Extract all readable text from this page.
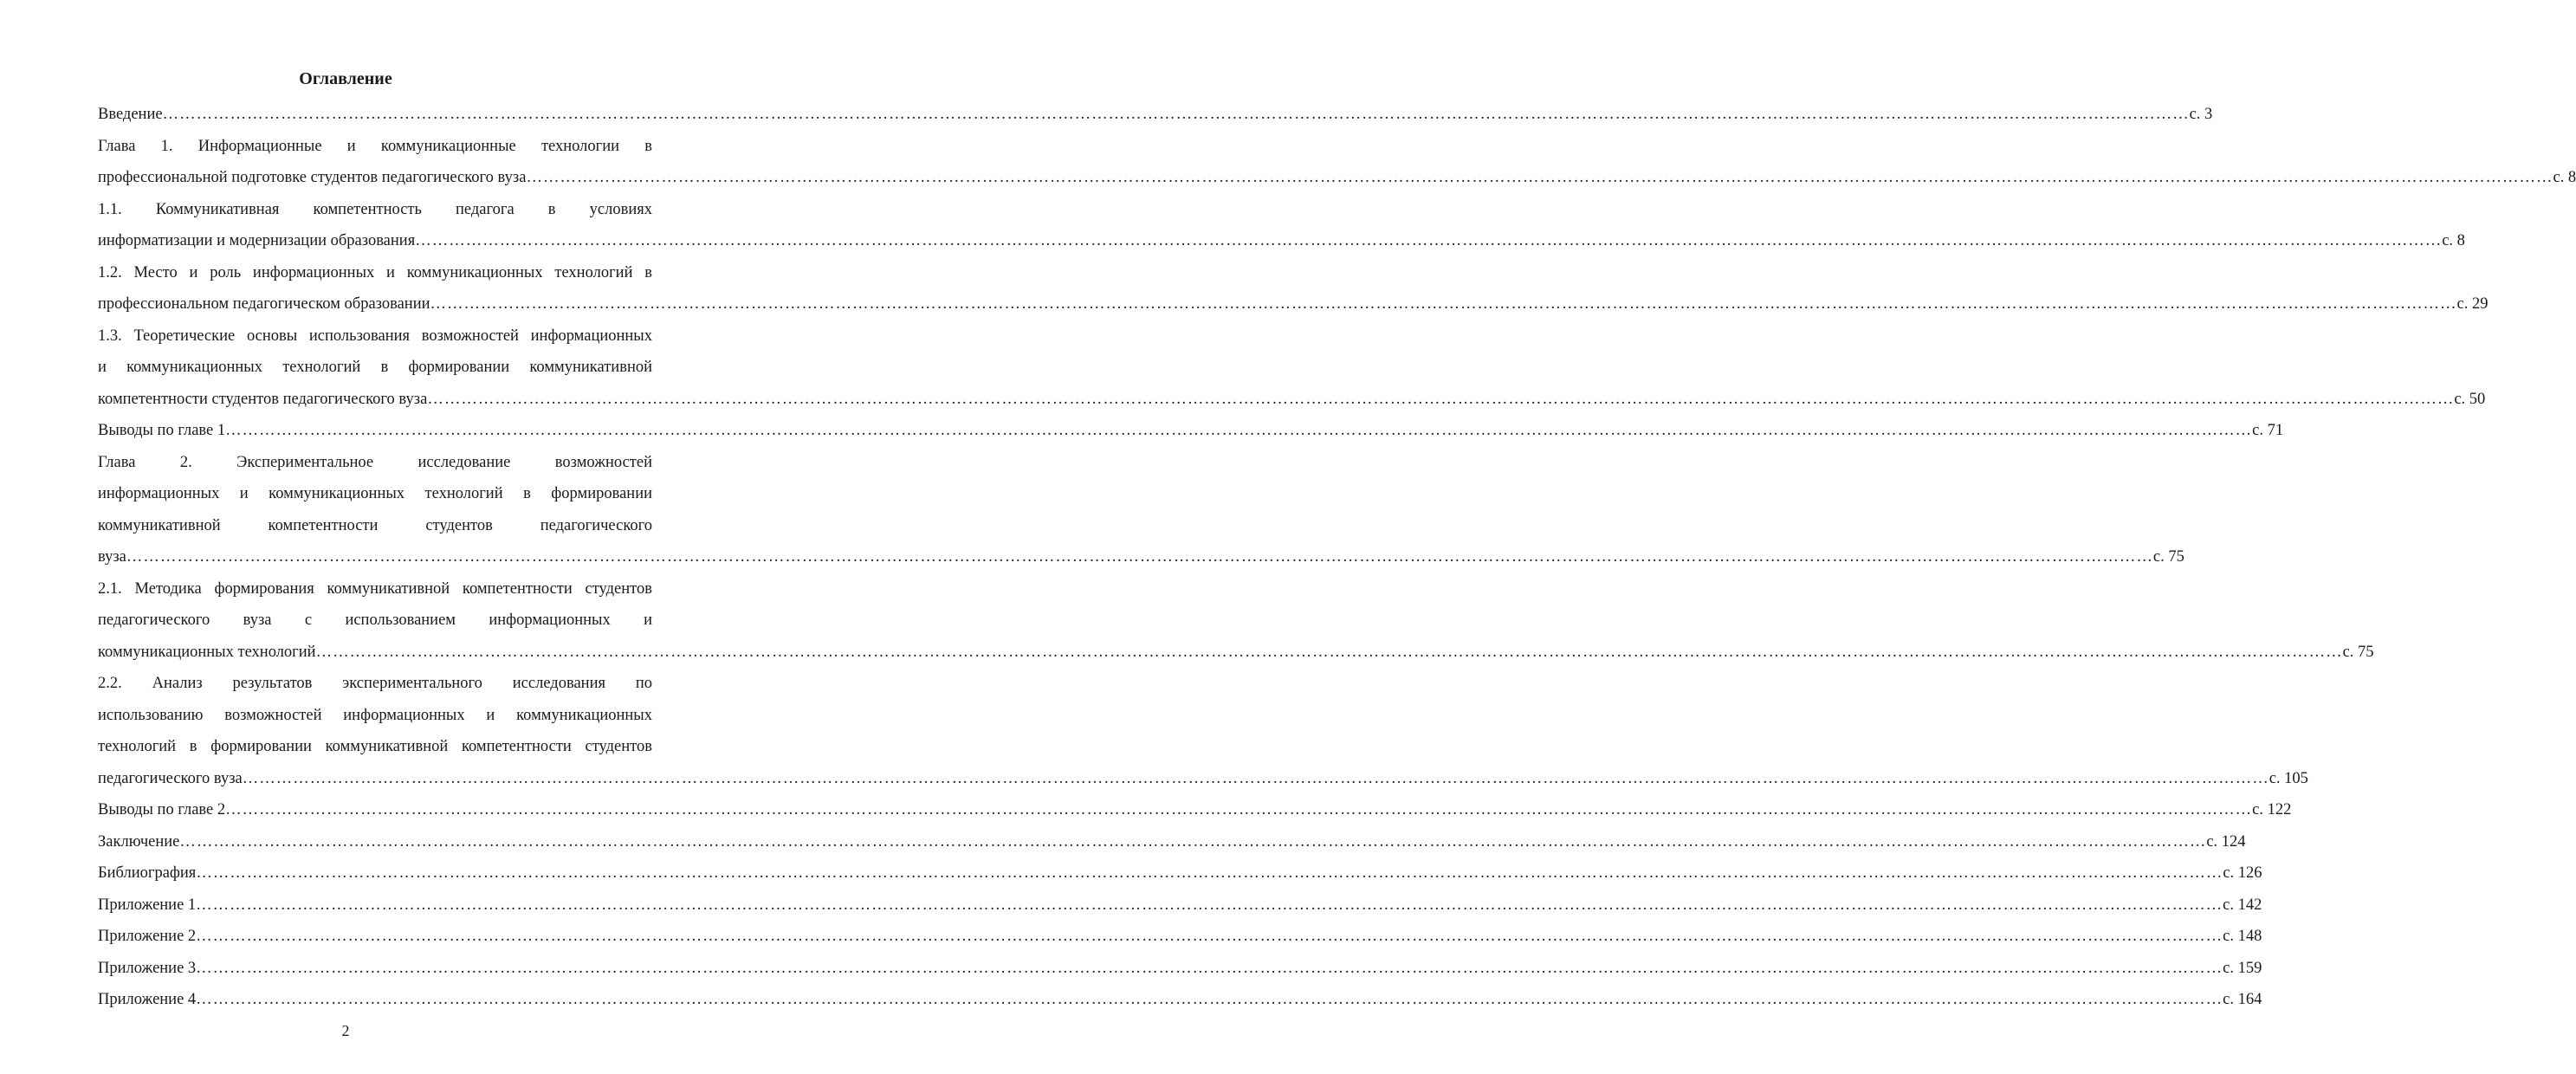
Оглавление
Введение ……………………………………………………………………………………………………………………………………………………………………………………………………………………………………………………………………………………………………………………………… с. 3
Глава 1. Информационные и коммуникационные технологии в
профессиональной подготовке студентов педагогического вуза ……………………………………………………………………………………………………………………………………………………………………………………………………………………………………………………………………………………………………………………………… с. 8
1.1. Коммуникативная компетентность педагога в условиях
информатизации и модернизации образования ……………………………………………………………………………………………………………………………………………………………………………………………………………………………………………………………………………………………………………………………… с. 8
1.2. Место и роль информационных и коммуникационных технологий в
профессиональном педагогическом образовании ……………………………………………………………………………………………………………………………………………………………………………………………………………………………………………………………………………………………………………………………… с. 29
1.3. Теоретические основы использования возможностей информационных
и коммуникационных технологий в формировании коммуникативной
компетентности студентов педагогического вуза ……………………………………………………………………………………………………………………………………………………………………………………………………………………………………………………………………………………………………………………………… с. 50
Выводы по главе 1 ……………………………………………………………………………………………………………………………………………………………………………………………………………………………………………………………………………………………………………………………… с. 71
Глава 2. Экспериментальное исследование возможностей
информационных и коммуникационных технологий в формировании
коммуникативной компетентности студентов педагогического
вуза ……………………………………………………………………………………………………………………………………………………………………………………………………………………………………………………………………………………………………………………………… с. 75
2.1. Методика формирования коммуникативной компетентности студентов
педагогического вуза с использованием информационных и
коммуникационных технологий ……………………………………………………………………………………………………………………………………………………………………………………………………………………………………………………………………………………………………………………………… с. 75
2.2. Анализ результатов экспериментального исследования по
использованию возможностей информационных и коммуникационных
технологий в формировании коммуникативной компетентности студентов
педагогического вуза ……………………………………………………………………………………………………………………………………………………………………………………………………………………………………………………………………………………………………………………………… с. 105
Выводы по главе 2 ……………………………………………………………………………………………………………………………………………………………………………………………………………………………………………………………………………………………………………………………… с. 122
Заключение ……………………………………………………………………………………………………………………………………………………………………………………………………………………………………………………………………………………………………………………………… с. 124
Библиография ……………………………………………………………………………………………………………………………………………………………………………………………………………………………………………………………………………………………………………………………… с. 126
Приложение 1 ……………………………………………………………………………………………………………………………………………………………………………………………………………………………………………………………………………………………………………………………… с. 142
Приложение 2 ……………………………………………………………………………………………………………………………………………………………………………………………………………………………………………………………………………………………………………………………… с. 148
Приложение 3 ……………………………………………………………………………………………………………………………………………………………………………………………………………………………………………………………………………………………………………………………… с. 159
Приложение 4 ……………………………………………………………………………………………………………………………………………………………………………………………………………………………………………………………………………………………………………………………… с. 164
2
